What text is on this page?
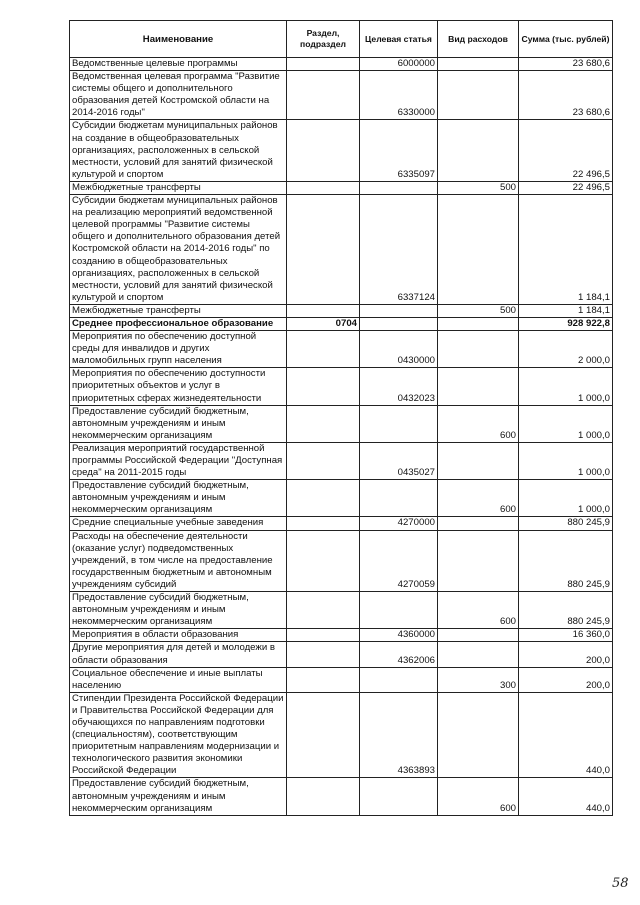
Наименование	Раздел, подраздел	Целевая статья	Вид расходов	Сумма (тыс. рублей)
Ведомственные целевые программы		6000000		23 680,6
Ведомственная целевая программа "Развитие системы общего и дополнительного образования детей Костромской области на 2014-2016 годы"		6330000		23 680,6
Субсидии бюджетам муниципальных районов на создание в общеобразовательных организациях, расположенных в сельской местности, условий для занятий физической культурой и спортом		6335097		22 496,5
Межбюджетные трансферты			500	22 496,5
Субсидии бюджетам муниципальных районов на реализацию мероприятий ведомственной целевой программы "Развитие системы общего и дополнительного образования детей Костромской области на 2014-2016 годы" по созданию в общеобразовательных организациях, расположенных в сельской местности, условий для занятий физической культурой и спортом		6337124		1 184,1
Межбюджетные трансферты			500	1 184,1
Среднее профессиональное образование	0704			928 922,8
Мероприятия по обеспечению доступной среды для инвалидов и других маломобильных групп населения		0430000		2 000,0
Мероприятия по обеспечению доступности приоритетных объектов и услуг в приоритетных сферах жизнедеятельности		0432023		1 000,0
Предоставление субсидий бюджетным, автономным учреждениям и иным некоммерческим организациям			600	1 000,0
Реализация мероприятий государственной программы Российской Федерации "Доступная среда" на 2011-2015 годы		0435027		1 000,0
Предоставление субсидий бюджетным, автономным учреждениям и иным некоммерческим организациям			600	1 000,0
Средние специальные учебные заведения		4270000		880 245,9
Расходы на обеспечение деятельности (оказание услуг) подведомственных учреждений, в том числе на предоставление государственным бюджетным и автономным учреждениям субсидий		4270059		880 245,9
Предоставление субсидий бюджетным, автономным учреждениям и иным некоммерческим организациям			600	880 245,9
Мероприятия в области образования		4360000		16 360,0
Другие мероприятия для детей и молодежи в области образования		4362006		200,0
Социальное обеспечение и иные выплаты населению			300	200,0
Стипендии Президента Российской Федерации и Правительства Российской Федерации для обучающихся по направлениям подготовки (специальностям), соответствующим приоритетным направлениям модернизации и технологического развития экономики Российской Федерации		4363893		440,0
Предоставление субсидий бюджетным, автономным учреждениям и иным некоммерческим организациям			600	440,0
58
